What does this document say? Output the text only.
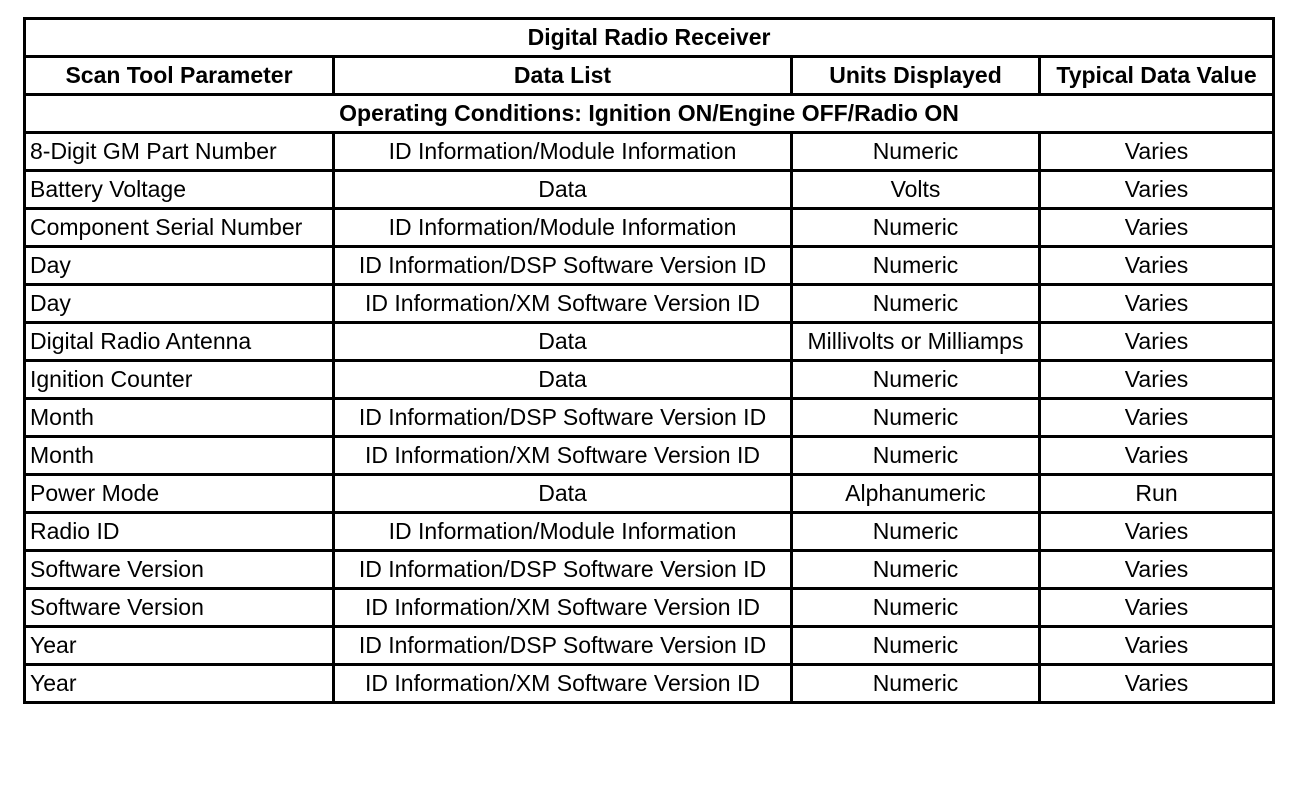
Digital Radio Receiver			
Scan Tool Parameter	Data List	Units Displayed	Typical Data Value
Operating Conditions: Ignition ON/Engine OFF/Radio ON			
8-Digit GM Part Number	ID Information/Module Information	Numeric	Varies
Battery Voltage	Data	Volts	Varies
Component Serial Number	ID Information/Module Information	Numeric	Varies
Day	ID Information/DSP Software Version ID	Numeric	Varies
Day	ID Information/XM Software Version ID	Numeric	Varies
Digital Radio Antenna	Data	Millivolts or Milliamps	Varies
Ignition Counter	Data	Numeric	Varies
Month	ID Information/DSP Software Version ID	Numeric	Varies
Month	ID Information/XM Software Version ID	Numeric	Varies
Power Mode	Data	Alphanumeric	Run
Radio ID	ID Information/Module Information	Numeric	Varies
Software Version	ID Information/DSP Software Version ID	Numeric	Varies
Software Version	ID Information/XM Software Version ID	Numeric	Varies
Year	ID Information/DSP Software Version ID	Numeric	Varies
Year	ID Information/XM Software Version ID	Numeric	Varies
